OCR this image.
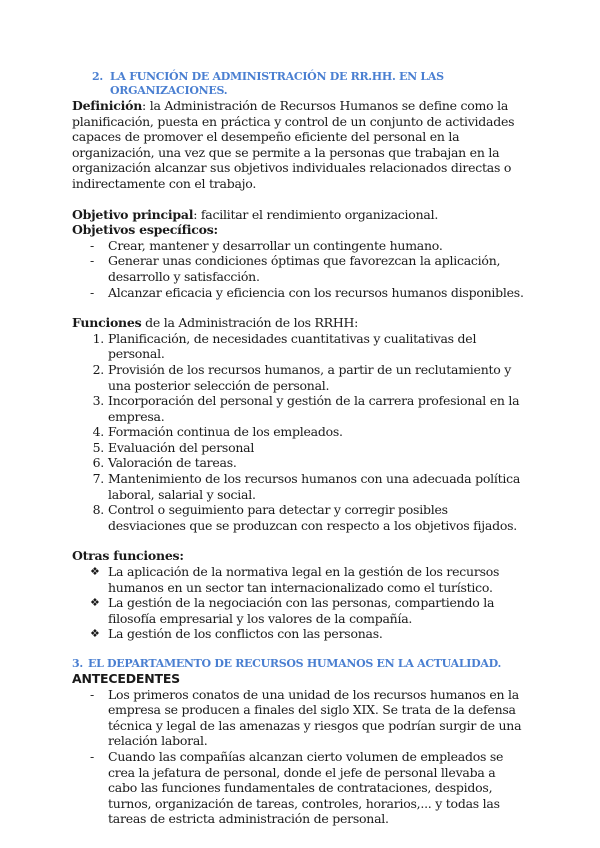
2. LA FUNCIÓN DE ADMINISTRACIÓN DE RR.HH. EN LAS ORGANIZACIONES.

Definición: la Administración de Recursos Humanos se define como la planificación, puesta en práctica y control de un conjunto de actividades capaces de promover el desempeño eficiente del personal en la organización, una vez que se permite a la personas que trabajan en la organización alcanzar sus objetivos individuales relacionados directas o indirectamente con el trabajo.

Objetivo principal: facilitar el rendimiento organizacional.

Objetivos específicos:

-	Crear, mantener y desarrollar un contingente humano.
-	Generar unas condiciones óptimas que favorezcan la aplicación, desarrollo y satisfacción.
-	Alcanzar eficacia y eficiencia con los recursos humanos disponibles.

Funciones de la Administración de los RRHH:

1. Planificación, de necesidades cuantitativas y cualitativas del personal.
2. Provisión de los recursos humanos, a partir de un reclutamiento y una posterior selección de personal.
3. Incorporación del personal y gestión de la carrera profesional en la empresa.
4. Formación continua de los empleados.
5. Evaluación del personal
6. Valoración de tareas.
7. Mantenimiento de los recursos humanos con una adecuada política laboral, salarial y social.
8. Control o seguimiento para detectar y corregir posibles desviaciones que se produzcan con respecto a los objetivos fijados.

Otras funciones:

❖ La aplicación de la normativa legal en la gestión de los recursos humanos en un sector tan internacionalizado como el turístico.
❖ La gestión de la negociación con las personas, compartiendo la filosofía empresarial y los valores de la compañía.
❖ La gestión de los conflictos con las personas.
3. EL DEPARTAMENTO DE RECURSOS HUMANOS EN LA ACTUALIDAD.

ANTECEDENTES

-	Los primeros conatos de una unidad de los recursos humanos en la empresa se producen a finales del siglo XIX. Se trata de la defensa técnica y legal de las amenazas y riesgos que podrían surgir de una relación laboral.
-	Cuando las compañías alcanzan cierto volumen de empleados se crea la jefatura de personal, donde el jefe de personal llevaba a cabo las funciones fundamentales de contrataciones, despidos, turnos, organización de tareas, controles, horarios,... y todas las tareas de estricta administración de personal.
